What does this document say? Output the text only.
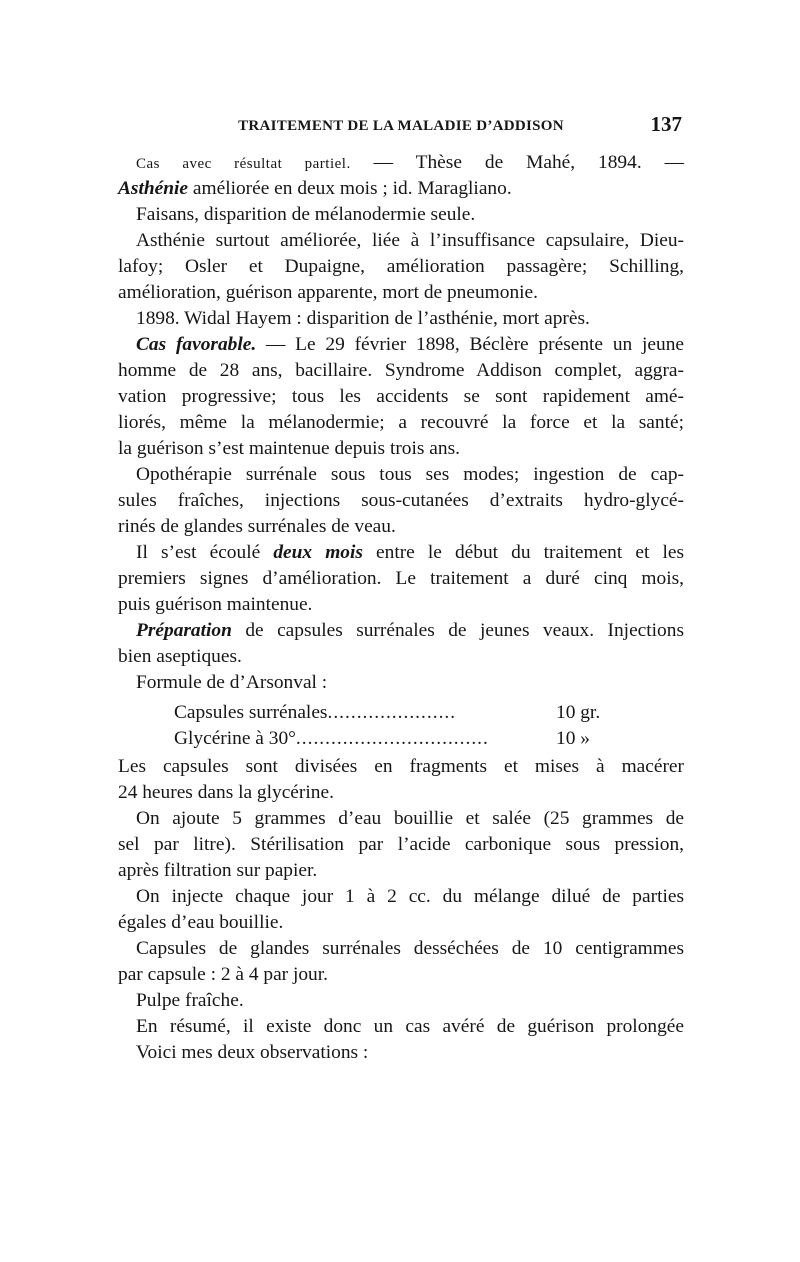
TRAITEMENT DE LA MALADIE D’ADDISON	137
Cas avec résultat partiel. — Thèse de Mahé, 1894. —
Asthénie améliorée en deux mois ; id. Maragliano.
Faisans, disparition de mélanodermie seule.
Asthénie surtout améliorée, liée à l’insuffisance capsulaire, Dieu-
lafoy; Osler et Dupaigne, amélioration passagère; Schilling,
amélioration, guérison apparente, mort de pneumonie.
1898. Widal Hayem : disparition de l’asthénie, mort après.
Cas favorable. — Le 29 février 1898, Béclère présente un jeune
homme de 28 ans, bacillaire. Syndrome Addison complet, aggra-
vation progressive; tous les accidents se sont rapidement amé-
liorés, même la mélanodermie; a recouvré la force et la santé;
la guérison s’est maintenue depuis trois ans.
Opothérapie surrénale sous tous ses modes; ingestion de cap-
sules fraîches, injections sous-cutanées d’extraits hydro-glycé-
rinés de glandes surrénales de veau.
Il s’est écoulé deux mois entre le début du traitement et les
premiers signes d’amélioration. Le traitement a duré cinq mois,
puis guérison maintenue.
Préparation de capsules surrénales de jeunes veaux. Injections
bien aseptiques.
Formule de d’Arsonval :
Capsules surrénales......................	10 gr.
Glycérine à 30°.................................	10 »
Les capsules sont divisées en fragments et mises à macérer
24 heures dans la glycérine.
On ajoute 5 grammes d’eau bouillie et salée (25 grammes de
sel par litre). Stérilisation par l’acide carbonique sous pression,
après filtration sur papier.
On injecte chaque jour 1 à 2 cc. du mélange dilué de parties
égales d’eau bouillie.
Capsules de glandes surrénales desséchées de 10 centigrammes
par capsule : 2 à 4 par jour.
Pulpe fraîche.
En résumé, il existe donc un cas avéré de guérison prolongée
Voici mes deux observations :
